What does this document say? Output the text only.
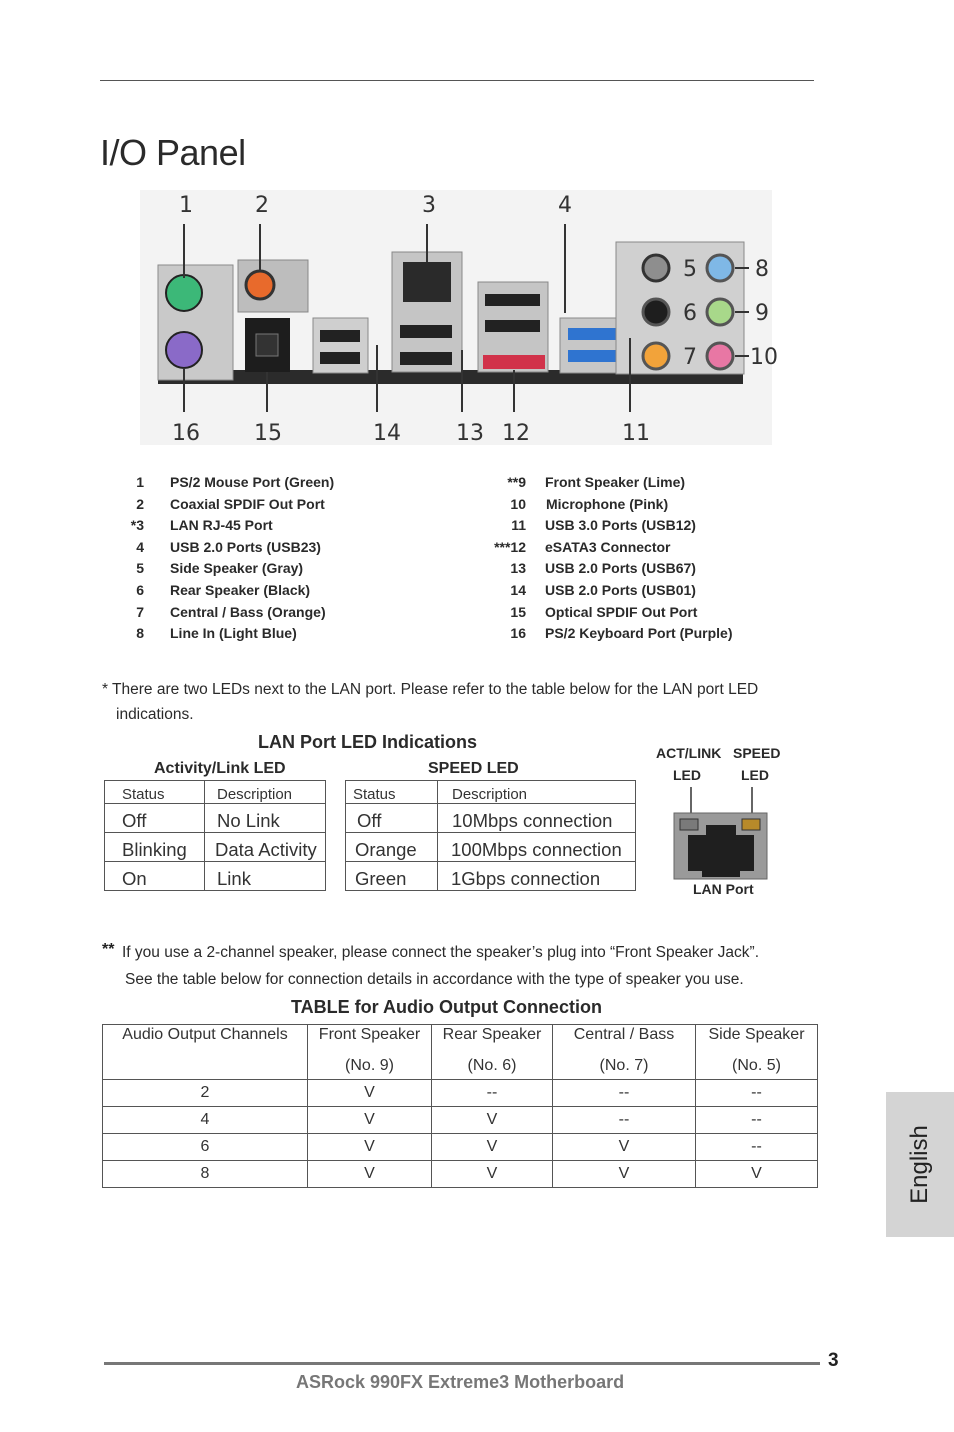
I/O Panel
1	2	3	4
5
6
7
8
9
10
16 15	14	13 12	11
1 PS/2 Mouse Port (Green)
2 Coaxial SPDIF Out Port
*3 LAN RJ-45 Port
4 USB 2.0 Ports (USB23)
5 Side Speaker (Gray)
6 Rear Speaker (Black)
7 Central / Bass (Orange)
8 Line In (Light Blue)
**9 Front Speaker (Lime)
10 Microphone (Pink)
11 USB 3.0 Ports (USB12)
***12 eSATA3 Connector
13 USB 2.0 Ports (USB67)
14 USB 2.0 Ports (USB01)
15 Optical SPDIF Out Port
16 PS/2 Keyboard Port (Purple)
* There are two LEDs next to the LAN port. Please refer to the table below for the LAN port LED
indications.
LAN Port LED Indications
Activity/Link LED	SPEED LED
Status	Description
Off	No Link
Blinking	Data Activity
On	Link
Status	Description
Off	10Mbps connection
Orange	100Mbps connection
Green	1Gbps connection
ACT/LINK SPEED
LED	LED
LAN Port
** If you use a 2-channel speaker, please connect the speaker’s plug into “Front Speaker Jack”.
See the table below for connection details in accordance with the type of speaker you use.
TABLE for Audio Output Connection
Audio Output Channels	Front Speaker	Rear Speaker	Central / Bass	Side Speaker
	(No. 9)	(No. 6)	(No. 7)	(No. 5)
2	V	--	--	--
4	V	V	--	--
6	V	V	V	--
8	V	V	V	V	English
3
ASRock 990FX Extreme3 Motherboard
